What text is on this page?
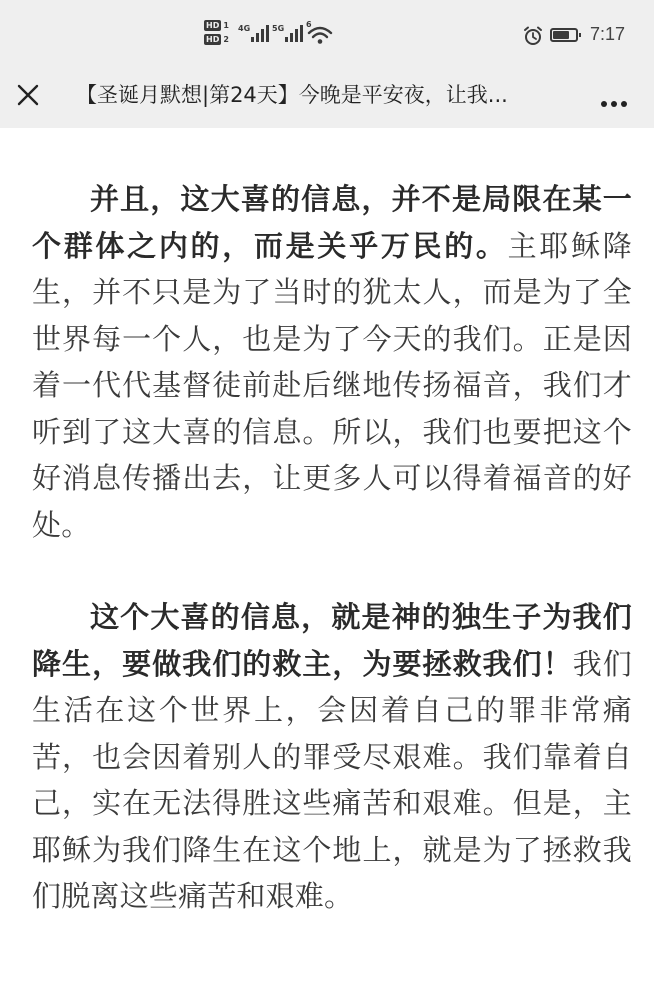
HD 1
HD 2
4G	5G	6	7:17
【圣诞月默想|第24天】今晚是平安夜，让我...

并且，这大喜的信息，并不是局限在某一个群体之内的，而是关乎万民的。主耶稣降生，并不只是为了当时的犹太人，而是为了全世界每一个人，也是为了今天的我们。正是因着一代代基督徒前赴后继地传扬福音，我们才听到了这大喜的信息。所以，我们也要把这个好消息传播出去，让更多人可以得着福音的好处。

这个大喜的信息，就是神的独生子为我们降生，要做我们的救主，为要拯救我们！我们生活在这个世界上，会因着自己的罪非常痛苦，也会因着别人的罪受尽艰难。我们靠着自己，实在无法得胜这些痛苦和艰难。但是，主耶稣为我们降生在这个地上，就是为了拯救我们脱离这些痛苦和艰难。
